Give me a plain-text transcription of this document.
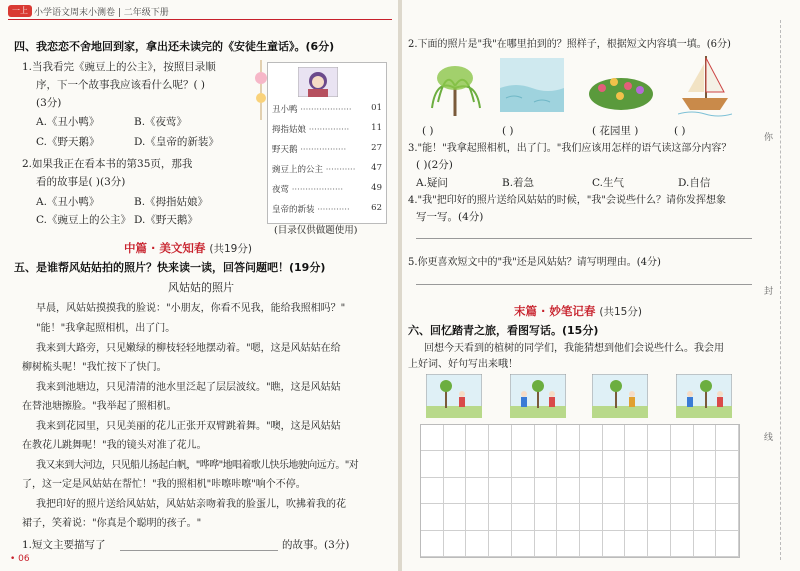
一上 小学语文周末小测卷 | 二年级下册
四、我恋恋不舍地回到家，拿出还未读完的《安徒生童话》。(6分)
1.当我看完《豌豆上的公主》，按照目录顺
序，下一个故事我应该看什么呢？( )
(3分)
A.《丑小鸭》	B.《夜莺》
C.《野天鹅》	D.《皇帝的新装》
2.如果我正在看本书的第35页，那我
看的故事是( )(3分)
A.《丑小鸭》	B.《拇指姑娘》
C.《豌豆上的公主》 D.《野天鹅》
丑小鸭 ··················· 01
拇指姑娘 ···············	11
野天鹅 ·················	27
豌豆上的公主 ··········· 47
夜莺 ···················	49
皇帝的新装 ············	62
(目录仅供做题使用)
中篇 · 美文知春 (共19分)
五、是谁帮风姑姑拍的照片？快来读一读，回答问题吧！(19分)
风姑姑的照片
早晨，风姑姑摸摸我的脸说："小朋友，你看不见我，能给我照相吗？"
"能！"我拿起照相机，出了门。
我来到大路旁，只见嫩绿的柳枝轻轻地摆动着。"嗯，这是风姑姑在给
柳树梳头呢！"我忙按下了快门。
我来到池塘边，只见清清的池水里泛起了层层波纹。"瞧，这是风姑姑
在替池塘擦脸。"我举起了照相机。
我来到花园里，只见美丽的花儿正张开双臂跳着舞。"噢，这是风姑姑
在教花儿跳舞呢！"我的镜头对准了花儿。
我又来到大河边，只见船儿扬起白帆，"哗哗"地唱着歌儿快乐地驶向远方。"对
了，这一定是风姑姑在帮忙！"我的照相机"咔嚓咔嚓"响个不停。
我把印好的照片送给风姑姑，风姑姑亲吻着我的脸蛋儿，吹拂着我的花
裙子，笑着说："你真是个聪明的孩子。"
1.短文主要描写了	的故事。(3分)
• 06
2.下面的照片是"我"在哪里拍到的？照样子，根据短文内容填一填。(6分)
( )	( )	( 花园里 )	( )
3."能！"我拿起照相机，出了门。"我们应该用怎样的语气读这部分内容？
( )(2分)
A.疑问	B.着急	C.生气	D.自信
4."我"把印好的照片送给风姑姑的时候，"我"会说些什么？请你发挥想象
写一写。(4分)
5.你更喜欢短文中的"我"还是风姑姑？请写明理由。(4分)
末篇 · 妙笔记春 (共15分)
六、回忆踏青之旅，看图写话。(15分)
回想今天看到的植树的同学们，我能猜想到他们会说些什么。我会用
上好词、好句写出来哦！
你
封
线
